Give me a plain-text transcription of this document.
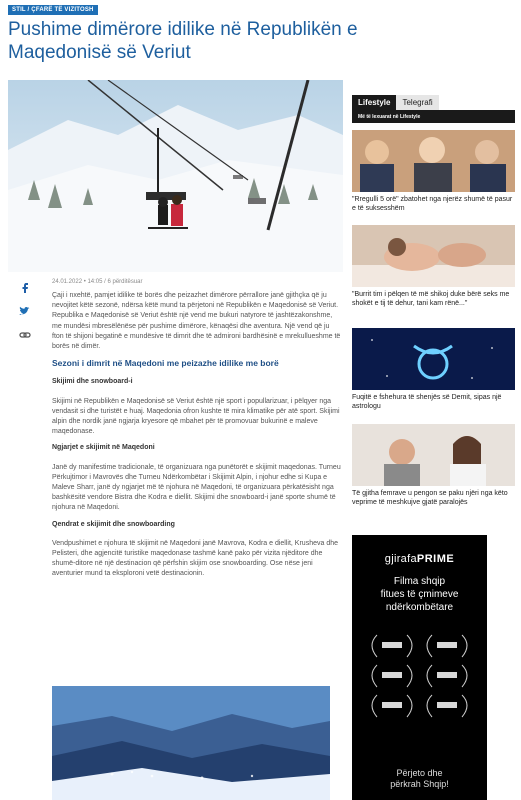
STIL / ÇFARË TË VIZITOSH
Pushime dimërore idilike në Republikën e Maqedonisë së Veriut
24.01.2022 • 14:05 / 6 përditësuar

Çaji i nxehtë, pamjet idilike të borës dhe peizazhet dimërore përrallore janë gjithçka që ju nevojitet këtë sezonë, ndërsa këtë mund ta përjetoni në Republikën e Maqedonisë së Veriut. Republika e Maqedonisë së Veriut është një vend me bukuri natyrore të jashtëzakonshme, me mundësi mbresëlënëse për pushime dimërore, kënaqësi dhe aventura. Një vend që ju fton të shijoni begatinë e mundësive të dimrit dhe të admironi bardhësinë e mrekullueshme të borës në dimër.

Sezoni i dimrit në Maqedoni me peizazhe idilike me borë
Skijimi dhe snowboard-i

Skijimi në Republikën e Maqedonisë së Veriut është një sport i popullarizuar, i pëlqyer nga vendasit si dhe turistët e huaj. Maqedonia ofron kushte të mira klimatike për atë sport. Skijimi alpin dhe nordik janë ngjarja kryesore që mbahet për të promovuar bukurinë e maleve maqedonase.

Ngjarjet e skijimit në Maqedoni

Janë dy manifestime tradicionale, të organizuara nga punëtorët e skijimit maqedonas. Turneu Përkujtimor i Mavrovës dhe Turneu Ndërkombëtar i Skijimit Alpin, i njohur edhe si Kupa e Maleve Sharr, janë dy ngjarjet më të njohura në Maqedoni, të organizuara përkatësisht nga bashkësitë vendore Bistra dhe Kodra e diellit. Skijimi dhe snowboard-i janë sporte shumë të njohura në Maqedoni.

Qendrat e skijimit dhe snowboarding

Vendpushimet e njohura të skijimit në Maqedoni janë Mavrova, Kodra e diellit, Krusheva dhe Pelisteri, dhe agjencitë turistike maqedonase tashmë kanë pako për vizita njëditore dhe shumë-ditore në një destinacion që përfshin skijim ose snowboarding. Ose nëse jeni aventurier mund ta eksploroni vetë destinacionin.

Lifestyle	Telegrafi
Më të lexuarat në Lifestyle
"Rregulli 5 orë" zbatohet nga njerëz shumë të pasur e të suksesshëm
"Burrit tim i pëlqen të më shikoj duke bërë seks me shokët e tij të dehur, tani kam rënë..."
Fuqitë e fshehura të shenjës së Demit, sipas një astrologu
Të gjitha femrave u pengon se paku njëri nga këto veprime të meshkujve gjatë paralojës
gjirafaPRIME
Filma shqip
fitues të çmimeve
ndërkombëtare
Përjeto dhe
përkrah Shqip!
